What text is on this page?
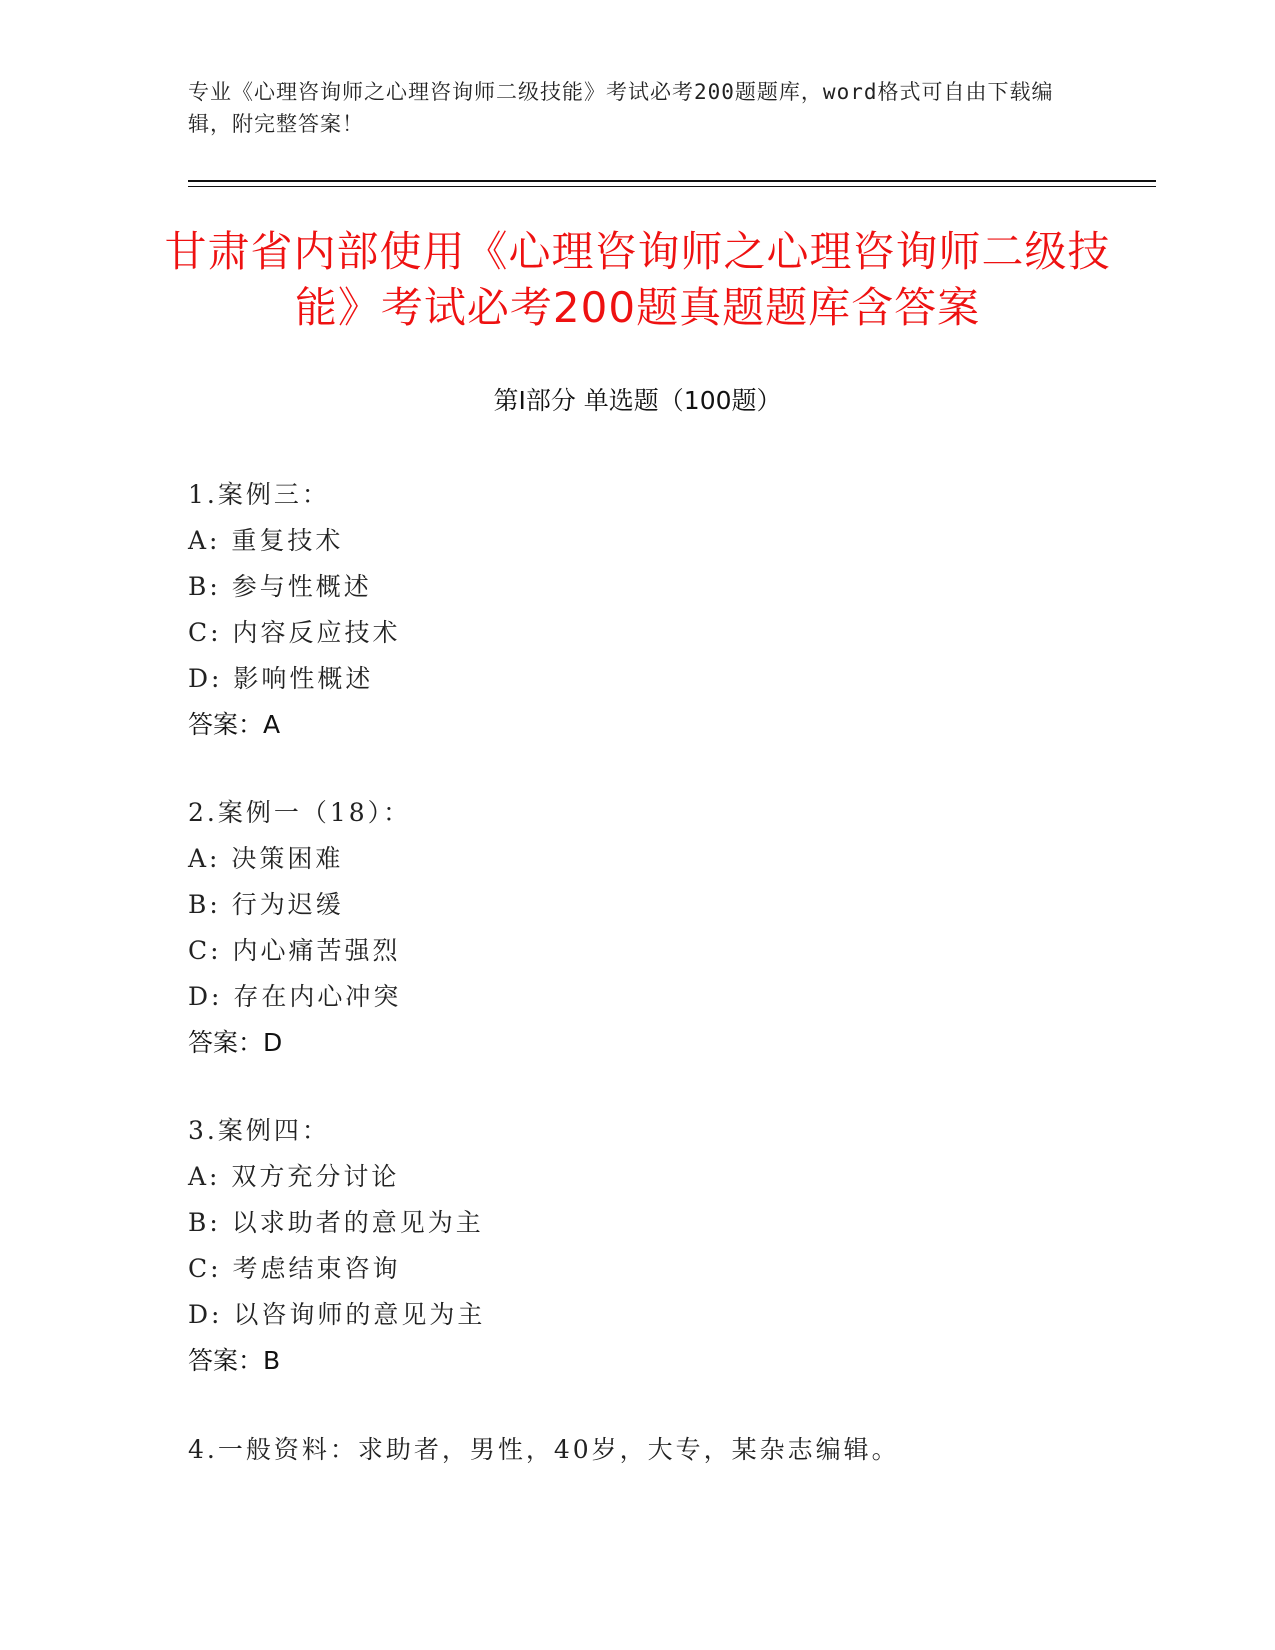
专业《心理咨询师之心理咨询师二级技能》考试必考200题题库，word格式可自由下载编辑，附完整答案！
甘肃省内部使用《心理咨询师之心理咨询师二级技能》考试必考200题真题题库含答案
第I部分 单选题（100题）
1.案例三：
A: 重复技术
B: 参与性概述
C: 内容反应技术
D: 影响性概述
答案：A
2.案例一（18）：
A: 决策困难
B: 行为迟缓
C: 内心痛苦强烈
D: 存在内心冲突
答案：D
3.案例四：
A: 双方充分讨论
B: 以求助者的意见为主
C: 考虑结束咨询
D: 以咨询师的意见为主
答案：B
4.一般资料：求助者，男性，40岁，大专，某杂志编辑。
